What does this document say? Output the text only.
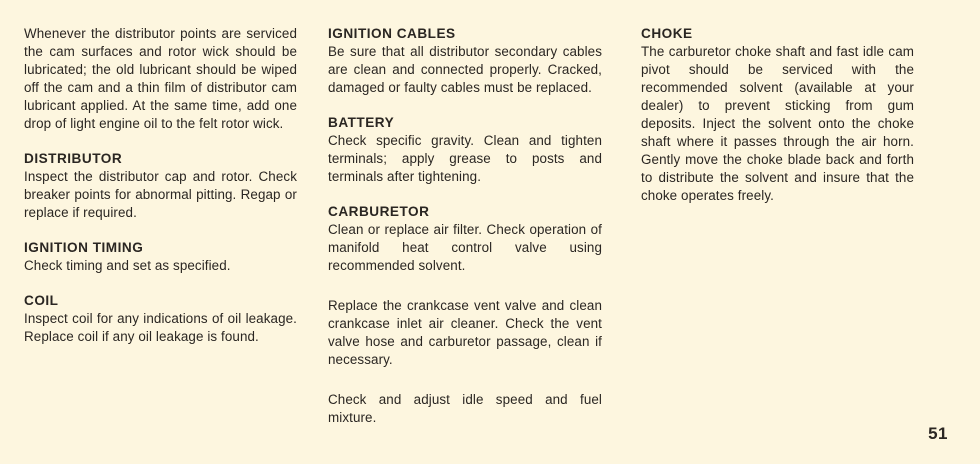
Whenever the distributor points are serviced the cam surfaces and rotor wick should be lubricated; the old lubricant should be wiped off the cam and a thin film of distributor cam lubricant applied. At the same time, add one drop of light engine oil to the felt rotor wick.

DISTRIBUTOR

Inspect the distributor cap and rotor. Check breaker points for abnormal pitting. Regap or replace if required.

IGNITION TIMING

Check timing and set as specified.

COIL

Inspect coil for any indications of oil leakage. Replace coil if any oil leakage is found.

IGNITION CABLES

Be sure that all distributor secondary cables are clean and connected properly. Cracked, damaged or faulty cables must be replaced.

BATTERY

Check specific gravity. Clean and tighten terminals; apply grease to posts and terminals after tightening.

CARBURETOR

Clean or replace air filter. Check operation of manifold heat control valve using recommended solvent.

Replace the crankcase vent valve and clean crankcase inlet air cleaner. Check the vent valve hose and carburetor passage, clean if necessary.

Check and adjust idle speed and fuel mixture.

CHOKE

The carburetor choke shaft and fast idle cam pivot should be serviced with the recommended solvent (available at your dealer) to prevent sticking from gum deposits. Inject the solvent onto the choke shaft where it passes through the air horn. Gently move the choke blade back and forth to distribute the solvent and insure that the choke operates freely.

51
